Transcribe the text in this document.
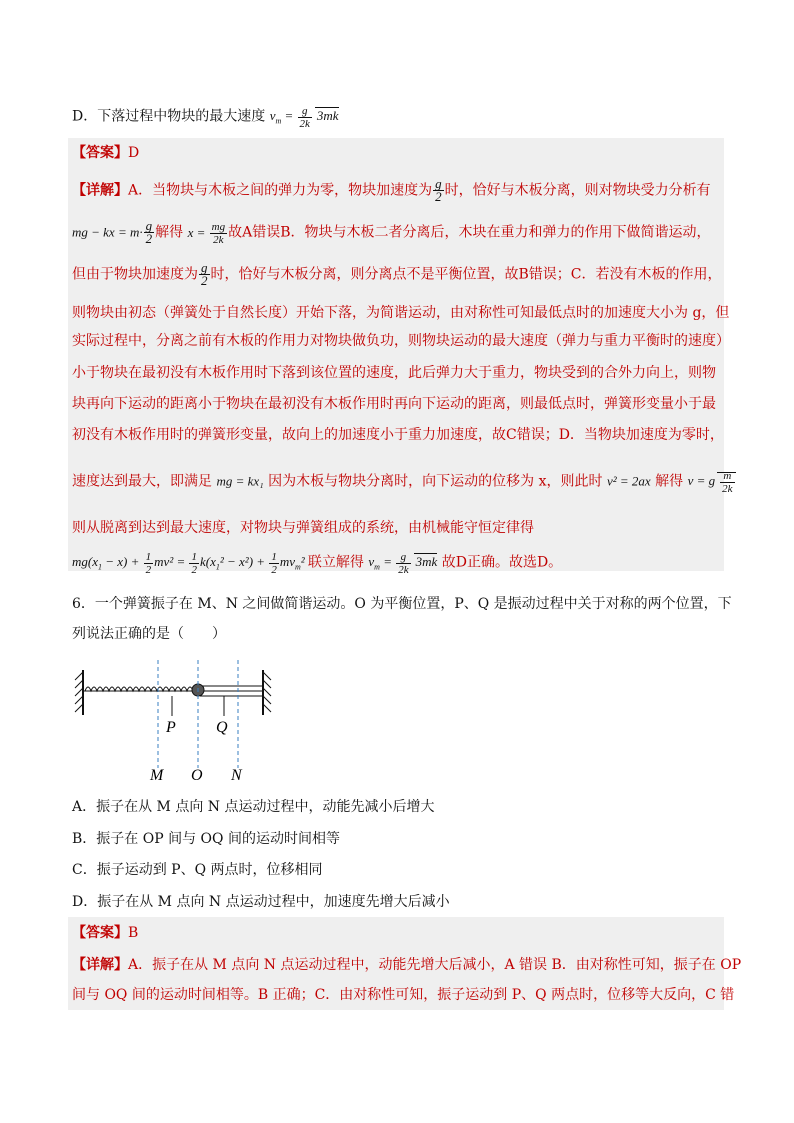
D．下落过程中物块的最大速度 $v_m = \frac{g}{2k} 3mk$
【答案】D
【详解】A．当物块与木板之间的弹力为零，物块加速度为 $\frac{g}{2}$ 时，恰好与木板分离，则对物块受力分析有
mg − kx = $m\cdot \frac{g}{2}$ 解得 $x = \frac{mg}{2k}$ 故A错误B．物块与木板二者分离后，木块在重力和弹力的作用下做简谐运动，
但由于物块加速度为 $\frac{g}{2}$ 时，恰好与木板分离，则分离点不是平衡位置，故B错误；C．若没有木板的作用，
则物块由初态（弹簧处于自然长度）开始下落，为简谐运动，由对称性可知最低点时的加速度大小为 g，但
实际过程中，分离之前有木板的作用力对物块做负功，则物块运动的最大速度（弹力与重力平衡时的速度）
小于物块在最初没有木板作用时下落到该位置的速度，此后弹力大于重力，物块受到的合外力向上，则物
块再向下运动的距离小于物块在最初没有木板作用时再向下运动的距离，则最低点时，弹簧形变量小于最
初没有木板作用时的弹簧形变量，故向上的加速度小于重力加速度，故C错误；D．当物块加速度为零时，
速度达到最大，即满足 mg = kx₁ 因为木板与物块分离时，向下运动的位移为 x，则此时 v² = 2ax 解得 v = g $\frac{m}{2k}$
则从脱离到达到最大速度，对物块与弹簧组成的系统，由机械能守恒定律得
$mg(x_1 - x) + \frac{1}{2} mv^2 = \frac{1}{2} k(x_1^2 - x^2) + \frac{1}{2} mv_m^2$ 联立解得 $v_m = \frac{g}{2k} 3mk$ 故D正确。故选D。
6．一个弹簧振子在 M、N 之间做简谐运动。O 为平衡位置，P、Q 是振动过程中关于对称的两个位置，下
列说法正确的是（　　）
P	Q
M O N
A．振子在从 M 点向 N 点运动过程中，动能先减小后增大
B．振子在 OP 间与 OQ 间的运动时间相等
C．振子运动到 P、Q 两点时，位移相同
D．振子在从 M 点向 N 点运动过程中，加速度先增大后减小
【答案】B
【详解】A．振子在从 M 点向 N 点运动过程中，动能先增大后减小，A 错误 B．由对称性可知，振子在 OP
间与 OQ 间的运动时间相等。B 正确；C．由对称性可知，振子运动到 P、Q 两点时，位移等大反向，C 错
